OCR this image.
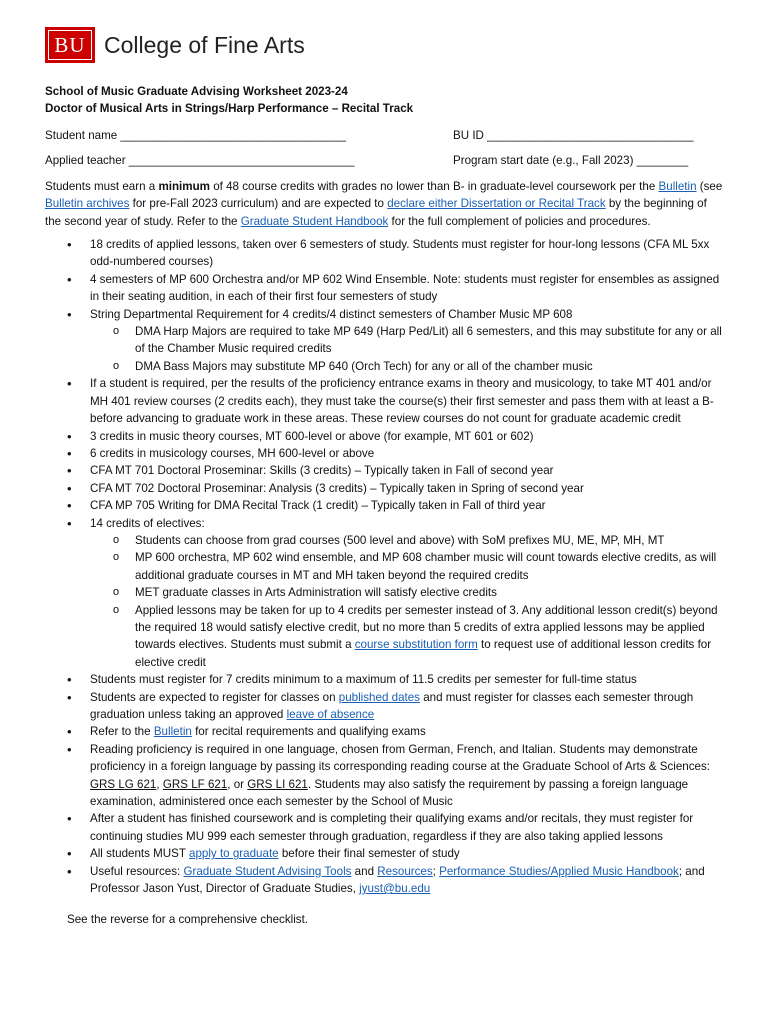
BU College of Fine Arts

School of Music Graduate Advising Worksheet 2023-24

Doctor of Musical Arts in Strings/Harp Performance – Recital Track

Student name ___________________________________	BU ID ________________________________
Applied teacher ___________________________________	Program start date (e.g., Fall 2023) ________

Students must earn a minimum of 48 course credits with grades no lower than B- in graduate-level coursework per the Bulletin (see Bulletin archives for pre-Fall 2023 curriculum) and are expected to declare either Dissertation or Recital Track by the beginning of the second year of study. Refer to the Graduate Student Handbook for the full complement of policies and procedures.

• 18 credits of applied lessons, taken over 6 semesters of study. Students must register for hour-long lessons (CFA ML 5xx odd-numbered courses)
• 4 semesters of MP 600 Orchestra and/or MP 602 Wind Ensemble. Note: students must register for ensembles as assigned in their seating audition, in each of their first four semesters of study
• String Departmental Requirement for 4 credits/4 distinct semesters of Chamber Music MP 608
o DMA Harp Majors are required to take MP 649 (Harp Ped/Lit) all 6 semesters, and this may substitute for any or all of the Chamber Music required credits
o DMA Bass Majors may substitute MP 640 (Orch Tech) for any or all of the chamber music
• If a student is required, per the results of the proficiency entrance exams in theory and musicology, to take MT 401 and/or MH 401 review courses (2 credits each), they must take the course(s) their first semester and pass them with at least a B- before advancing to graduate work in these areas. These review courses do not count for graduate academic credit
• 3 credits in music theory courses, MT 600-level or above (for example, MT 601 or 602)
• 6 credits in musicology courses, MH 600-level or above
• CFA MT 701 Doctoral Proseminar: Skills (3 credits) – Typically taken in Fall of second year
• CFA MT 702 Doctoral Proseminar: Analysis (3 credits) – Typically taken in Spring of second year
• CFA MP 705 Writing for DMA Recital Track (1 credit) – Typically taken in Fall of third year
• 14 credits of electives:
o Students can choose from grad courses (500 level and above) with SoM prefixes MU, ME, MP, MH, MT
o MP 600 orchestra, MP 602 wind ensemble, and MP 608 chamber music will count towards elective credits, as will additional graduate courses in MT and MH taken beyond the required credits
o MET graduate classes in Arts Administration will satisfy elective credits
o Applied lessons may be taken for up to 4 credits per semester instead of 3. Any additional lesson credit(s) beyond the required 18 would satisfy elective credit, but no more than 5 credits of extra applied lessons may be applied towards electives. Students must submit a course substitution form to request use of additional lesson credits for elective credit
• Students must register for 7 credits minimum to a maximum of 11.5 credits per semester for full-time status
• Students are expected to register for classes on published dates and must register for classes each semester through graduation unless taking an approved leave of absence
• Refer to the Bulletin for recital requirements and qualifying exams
• Reading proficiency is required in one language, chosen from German, French, and Italian. Students may demonstrate proficiency in a foreign language by passing its corresponding reading course at the Graduate School of Arts & Sciences: GRS LG 621, GRS LF 621, or GRS LI 621. Students may also satisfy the requirement by passing a foreign language examination, administered once each semester by the School of Music
• After a student has finished coursework and is completing their qualifying exams and/or recitals, they must register for continuing studies MU 999 each semester through graduation, regardless if they are also taking applied lessons
• All students MUST apply to graduate before their final semester of study
• Useful resources: Graduate Student Advising Tools and Resources; Performance Studies/Applied Music Handbook; and Professor Jason Yust, Director of Graduate Studies, jyust@bu.edu

See the reverse for a comprehensive checklist.
